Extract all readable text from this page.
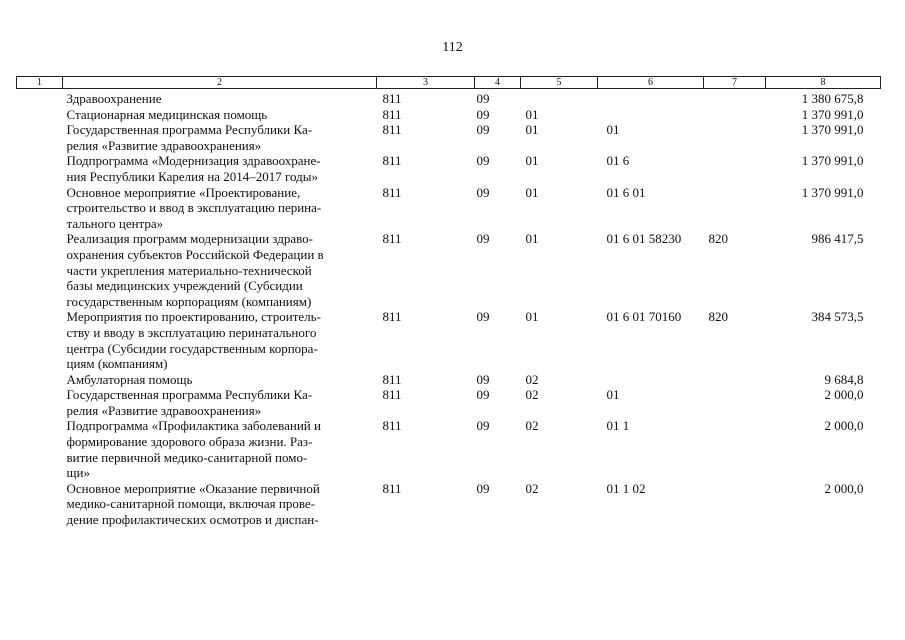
112
1	2	3	4	5	6	7	8

	Здравоохранение	811	09				1 380 675,8

	Стационарная медицинская помощь	811	09	01			1 370 991,0

	Государственная программа Республики Ка-
релия «Развитие здравоохранения»	811	09	01	01		1 370 991,0

	Подпрограмма «Модернизация здравоохране-
ния Республики Карелия на 2014–2017 годы»	811	09	01	01 6		1 370 991,0

	Основное мероприятие «Проектирование,
строительство и ввод в эксплуатацию перина-
тального центра»	811	09	01	01 6 01		1 370 991,0

	Реализация программ модернизации здраво-
охранения субъектов Российской Федерации в
части укрепления материально-технической
базы медицинских учреждений (Субсидии
государственным корпорациям (компаниям)	811	09	01	01 6 01 58230	820	986 417,5

	Мероприятия по проектированию, строитель-
ству и вводу в эксплуатацию перинатального
центра (Субсидии государственным корпора-
циям (компаниям)	811	09	01	01 6 01 70160	820	384 573,5

	Амбулаторная помощь	811	09	02			9 684,8

	Государственная программа Республики Ка-
релия «Развитие здравоохранения»	811	09	02	01		2 000,0

	Подпрограмма «Профилактика заболеваний и
формирование здорового образа жизни. Раз-
витие первичной медико-санитарной помо-
щи»	811	09	02	01 1		2 000,0

	Основное мероприятие «Оказание первичной
медико-санитарной помощи, включая прове-
дение профилактических осмотров и диспан-	811	09	02	01 1 02		2 000,0
